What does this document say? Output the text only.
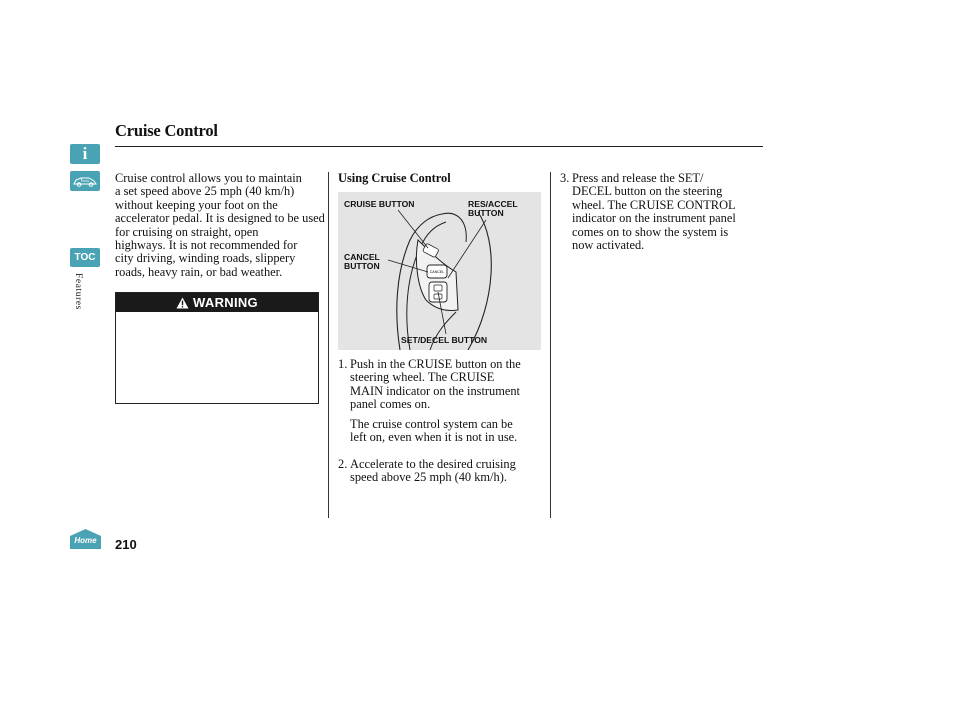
i
TOC
Features
Home
Cruise Control
Cruise control allows you to maintain
a set speed above 25 mph (40 km/h)
without keeping your foot on the
accelerator pedal. It is designed to be used
for cruising on straight, open
highways. It is not recommended for
city driving, winding roads, slippery
roads, heavy rain, or bad weather.
WARNING
Using Cruise Control
CANCEL
CRUISE BUTTON	RES/ACCEL
BUTTON
CANCEL
BUTTON
SET/DECEL BUTTON
1. Push in the CRUISE button on the
steering wheel. The CRUISE
MAIN indicator on the instrument
panel comes on.
The cruise control system can be
left on, even when it is not in use.
2. Accelerate to the desired cruising
speed above 25 mph (40 km/h).
3. Press and release the SET/
DECEL button on the steering
wheel. The CRUISE CONTROL
indicator on the instrument panel
comes on to show the system is
now activated.
210
